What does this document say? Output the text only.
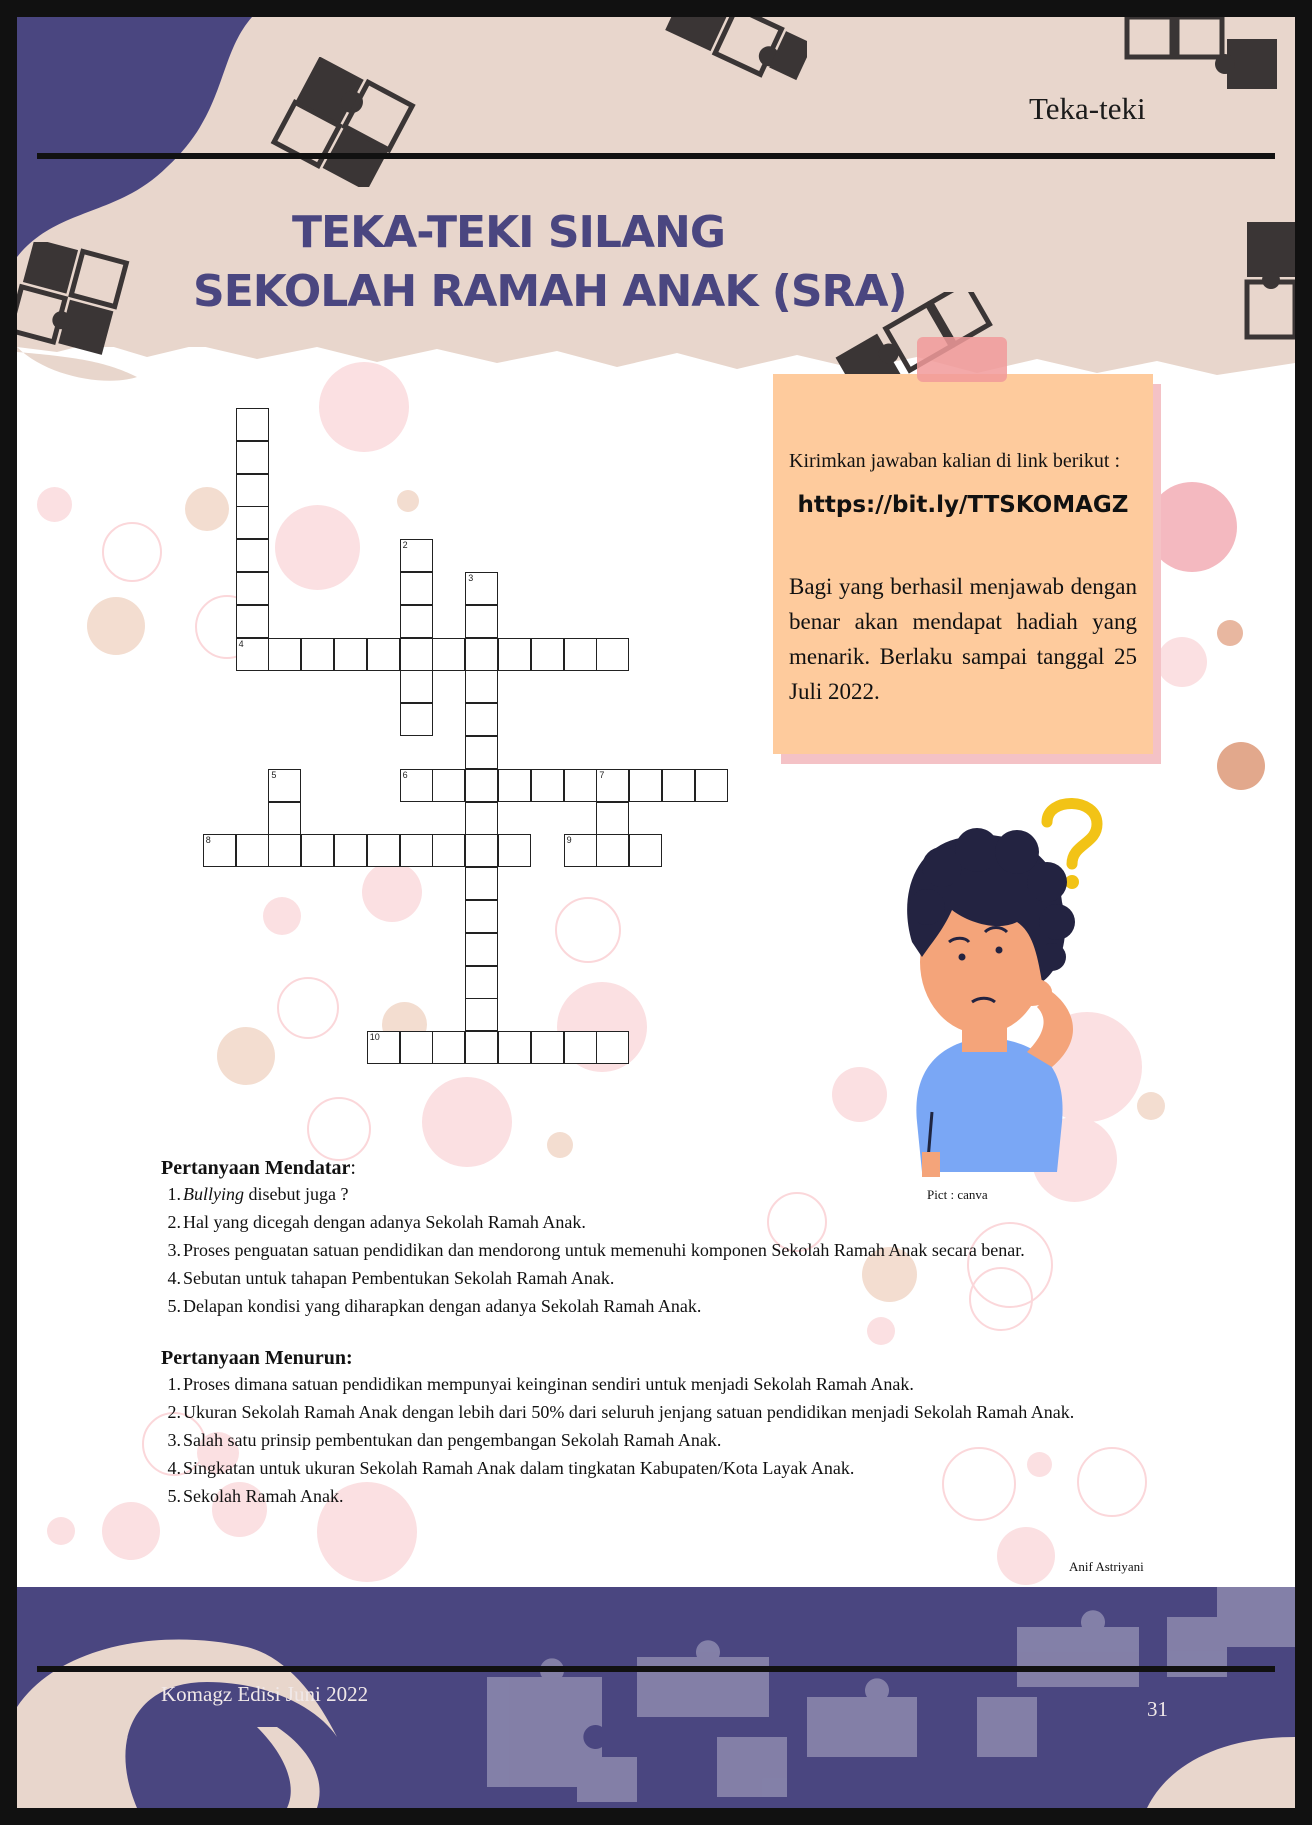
Teka-teki
TEKA-TEKI SILANG
SEKOLAH RAMAH ANAK (SRA)
4
2
3
5	6	7
8	9
10
Kirimkan jawaban kalian di link berikut :
https://bit.ly/TTSKOMAGZ
Bagi yang berhasil menjawab dengan benar akan mendapat hadiah yang menarik. Berlaku sampai tanggal 25 Juli 2022.
Pict : canva
Pertanyaan Mendatar:
1. Bullying disebut juga ?
2. Hal yang dicegah dengan adanya Sekolah Ramah Anak.
3. Proses penguatan satuan pendidikan dan mendorong untuk memenuhi komponen Sekolah Ramah Anak secara benar.
4. Sebutan untuk tahapan Pembentukan Sekolah Ramah Anak.
5. Delapan kondisi yang diharapkan dengan adanya Sekolah Ramah Anak.
Pertanyaan Menurun:
1. Proses dimana satuan pendidikan mempunyai keinginan sendiri untuk menjadi Sekolah Ramah Anak.
2. Ukuran Sekolah Ramah Anak dengan lebih dari 50% dari seluruh jenjang satuan pendidikan menjadi Sekolah Ramah Anak.
3. Salah satu prinsip pembentukan dan pengembangan Sekolah Ramah Anak.
4. Singkatan untuk ukuran Sekolah Ramah Anak dalam tingkatan Kabupaten/Kota Layak Anak.
5. Sekolah Ramah Anak.
Anif Astriyani
Komagz Edisi Juni 2022
31
